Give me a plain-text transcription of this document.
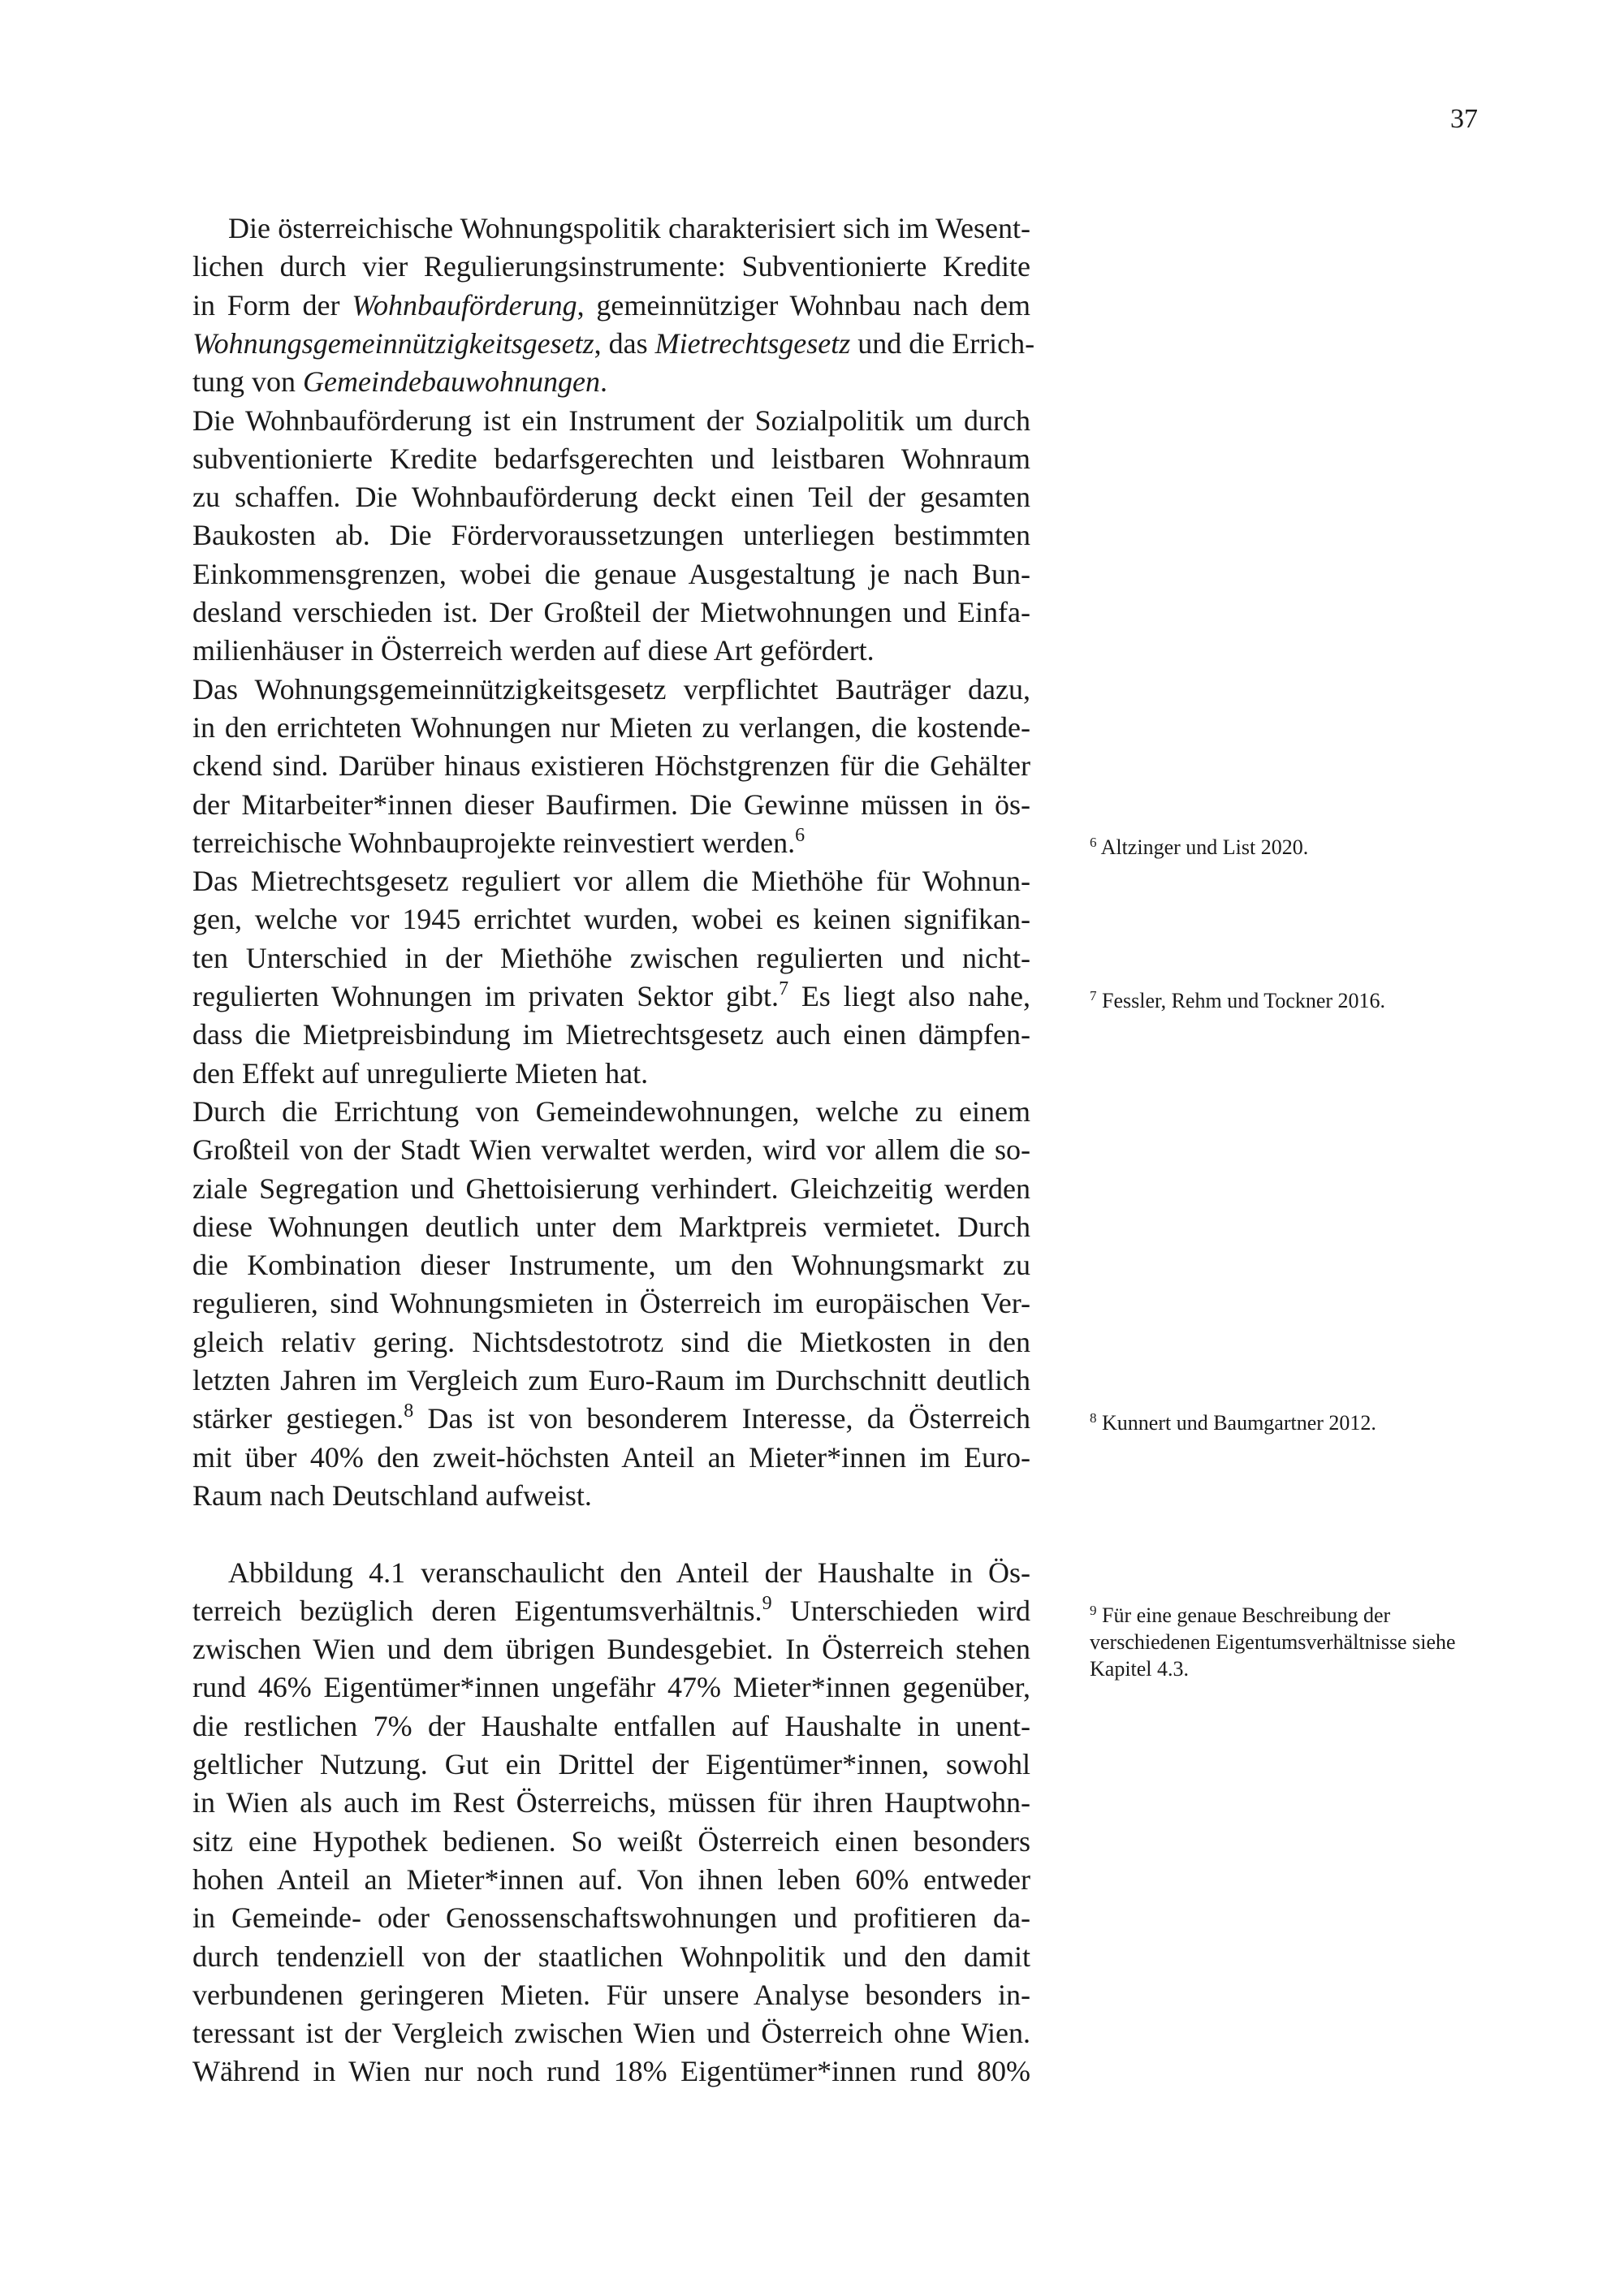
37
Die österreichische Wohnungspolitik charakterisiert sich im Wesent-
lichen durch vier Regulierungsinstrumente: Subventionierte Kredite
in Form der Wohnbauförderung, gemeinnütziger Wohnbau nach dem
Wohnungsgemeinnützigkeitsgesetz, das Mietrechtsgesetz und die Errich-
tung von Gemeindebauwohnungen.
Die Wohnbauförderung ist ein Instrument der Sozialpolitik um durch
subventionierte Kredite bedarfsgerechten und leistbaren Wohnraum
zu schaffen. Die Wohnbauförderung deckt einen Teil der gesamten
Baukosten ab. Die Fördervoraussetzungen unterliegen bestimmten
Einkommensgrenzen, wobei die genaue Ausgestaltung je nach Bun-
desland verschieden ist. Der Großteil der Mietwohnungen und Einfa-
milienhäuser in Österreich werden auf diese Art gefördert.
Das Wohnungsgemeinnützigkeitsgesetz verpflichtet Bauträger dazu,
in den errichteten Wohnungen nur Mieten zu verlangen, die kostende-
ckend sind. Darüber hinaus existieren Höchstgrenzen für die Gehälter
der Mitarbeiter*innen dieser Baufirmen. Die Gewinne müssen in ös-
terreichische Wohnbauprojekte reinvestiert werden.$^6$
Das Mietrechtsgesetz reguliert vor allem die Miethöhe für Wohnun-
gen, welche vor 1945 errichtet wurden, wobei es keinen signifikan-
ten Unterschied in der Miethöhe zwischen regulierten und nicht-
regulierten Wohnungen im privaten Sektor gibt.$^7$ Es liegt also nahe,
dass die Mietpreisbindung im Mietrechtsgesetz auch einen dämpfen-
den Effekt auf unregulierte Mieten hat.
Durch die Errichtung von Gemeindewohnungen, welche zu einem
Großteil von der Stadt Wien verwaltet werden, wird vor allem die so-
ziale Segregation und Ghettoisierung verhindert. Gleichzeitig werden
diese Wohnungen deutlich unter dem Marktpreis vermietet. Durch
die Kombination dieser Instrumente, um den Wohnungsmarkt zu
regulieren, sind Wohnungsmieten in Österreich im europäischen Ver-
gleich relativ gering. Nichtsdestotrotz sind die Mietkosten in den
letzten Jahren im Vergleich zum Euro-Raum im Durchschnitt deutlich
stärker gestiegen.$^8$ Das ist von besonderem Interesse, da Österreich
mit über 40% den zweit-höchsten Anteil an Mieter*innen im Euro-
Raum nach Deutschland aufweist.
Abbildung 4.1 veranschaulicht den Anteil der Haushalte in Ös-
terreich bezüglich deren Eigentumsverhältnis.$^9$ Unterschieden wird
zwischen Wien und dem übrigen Bundesgebiet. In Österreich stehen
rund 46% Eigentümer*innen ungefähr 47% Mieter*innen gegenüber,
die restlichen 7% der Haushalte entfallen auf Haushalte in unent-
geltlicher Nutzung. Gut ein Drittel der Eigentümer*innen, sowohl
in Wien als auch im Rest Österreichs, müssen für ihren Hauptwohn-
sitz eine Hypothek bedienen. So weißt Österreich einen besonders
hohen Anteil an Mieter*innen auf. Von ihnen leben 60% entweder
in Gemeinde- oder Genossenschaftswohnungen und profitieren da-
durch tendenziell von der staatlichen Wohnpolitik und den damit
verbundenen geringeren Mieten. Für unsere Analyse besonders in-
teressant ist der Vergleich zwischen Wien und Österreich ohne Wien.
Während in Wien nur noch rund 18% Eigentümer*innen rund 80%
$^6$ Altzinger und List 2020.
$^7$ Fessler, Rehm und Tockner 2016.
$^8$ Kunnert und Baumgartner 2012.
$^9$ Für eine genaue Beschreibung der verschiedenen Eigentumsverhältnisse siehe Kapitel 4.3.
